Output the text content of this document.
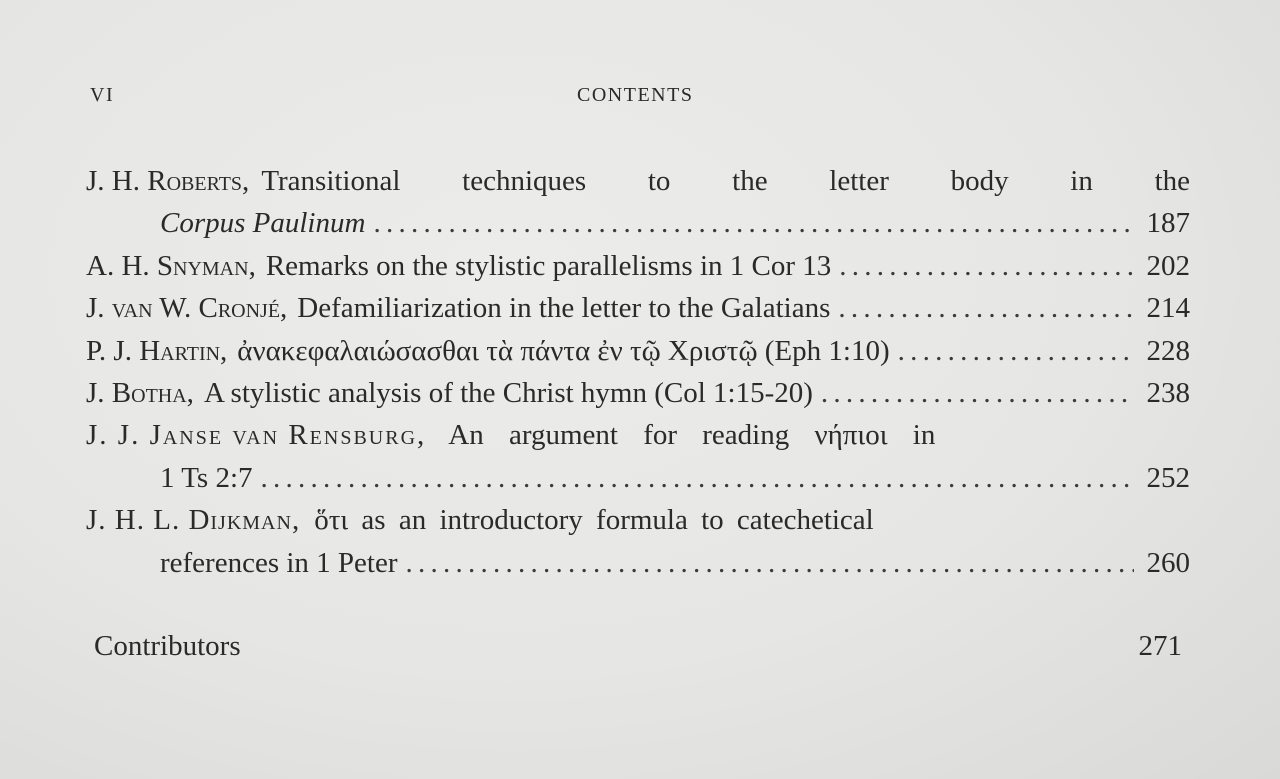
VI	CONTENTS
J. H. Roberts, Transitional techniques to the letter body in the
Corpus Paulinum . . .	187
A. H. Snyman, Remarks on the stylistic parallelisms in 1 Cor 13 . . .	202
J. van W. Cronjé, Defamiliarization in the letter to the Galatians . . .	214
P. J. Hartin, ἀνακεφαλαιώσασθαι τὰ πάντα ἐν τῷ Χριστῷ (Eph 1:10) . . .	228
J. Botha, A stylistic analysis of the Christ hymn (Col 1:15-20) . . .	238
J. J. Janse van Rensburg, An argument for reading νήπιοι in
1 Ts 2:7 . . .	252
J. H. L. Dijkman, ὅτι as an introductory formula to catechetical
references in 1 Peter . . .	260
Contributors	271
